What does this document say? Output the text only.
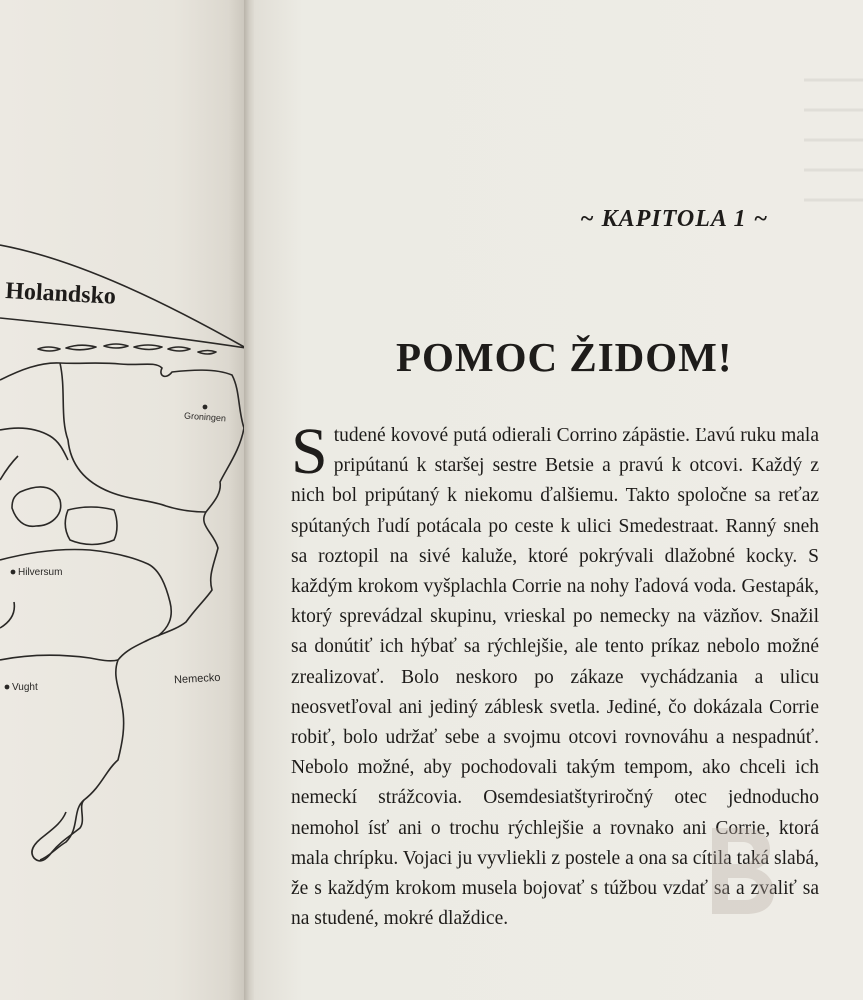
Holandsko
Groningen
Hilversum
Vught
Nemecko
~ KAPITOLA 1 ~
POMOC ŽIDOM!
Studené kovové putá odierali Corrino zápästie. Ľavú ruku mala pripútanú k staršej sestre Betsie a pravú k otcovi. Každý z nich bol pripútaný k niekomu ďalšiemu. Takto spoločne sa reťaz spútaných ľudí potácala po ceste k ulici Smedestraat. Ranný sneh sa roztopil na sivé kaluže, ktoré pokrývali dlažobné kocky. S každým krokom vyšplachla Corrie na nohy ľadová voda. Gestapák, ktorý sprevádzal skupinu, vrieskal po nemecky na väzňov. Snažil sa donútiť ich hýbať sa rýchlejšie, ale tento príkaz nebolo možné zrealizovať. Bolo neskoro po zákaze vychádzania a ulicu neosvetľoval ani jediný záblesk svetla. Jediné, čo dokázala Corrie robiť, bolo udržať sebe a svojmu otcovi rovnováhu a nespadnúť. Nebolo možné, aby pochodovali takým tempom, ako chceli ich nemeckí strážcovia. Osemdesiatštyriročný otec jednoducho nemohol ísť ani o trochu rýchlejšie a rovnako ani Corrie, ktorá mala chrípku. Vojaci ju vyvliekli z postele a ona sa cítila taká slabá, že s každým krokom musela bojovať s túžbou vzdať sa a zvaliť sa na studené, mokré dlaždice.
